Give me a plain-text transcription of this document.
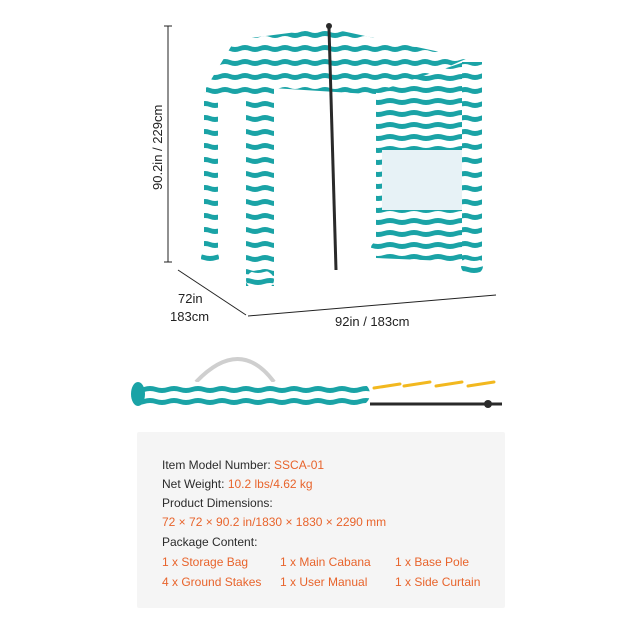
90.2in / 229cm
72in
183cm	92in / 183cm
Item Model Number: SSCA-01
Net Weight: 10.2 lbs/4.62 kg
Product Dimensions:
72 × 72 × 90.2 in/1830 × 1830 × 2290 mm
Package Content:
1 x Storage Bag	1 x Main Cabana 1 x Base Pole
4 x Ground Stakes 1 x User Manual 1 x Side Curtain
